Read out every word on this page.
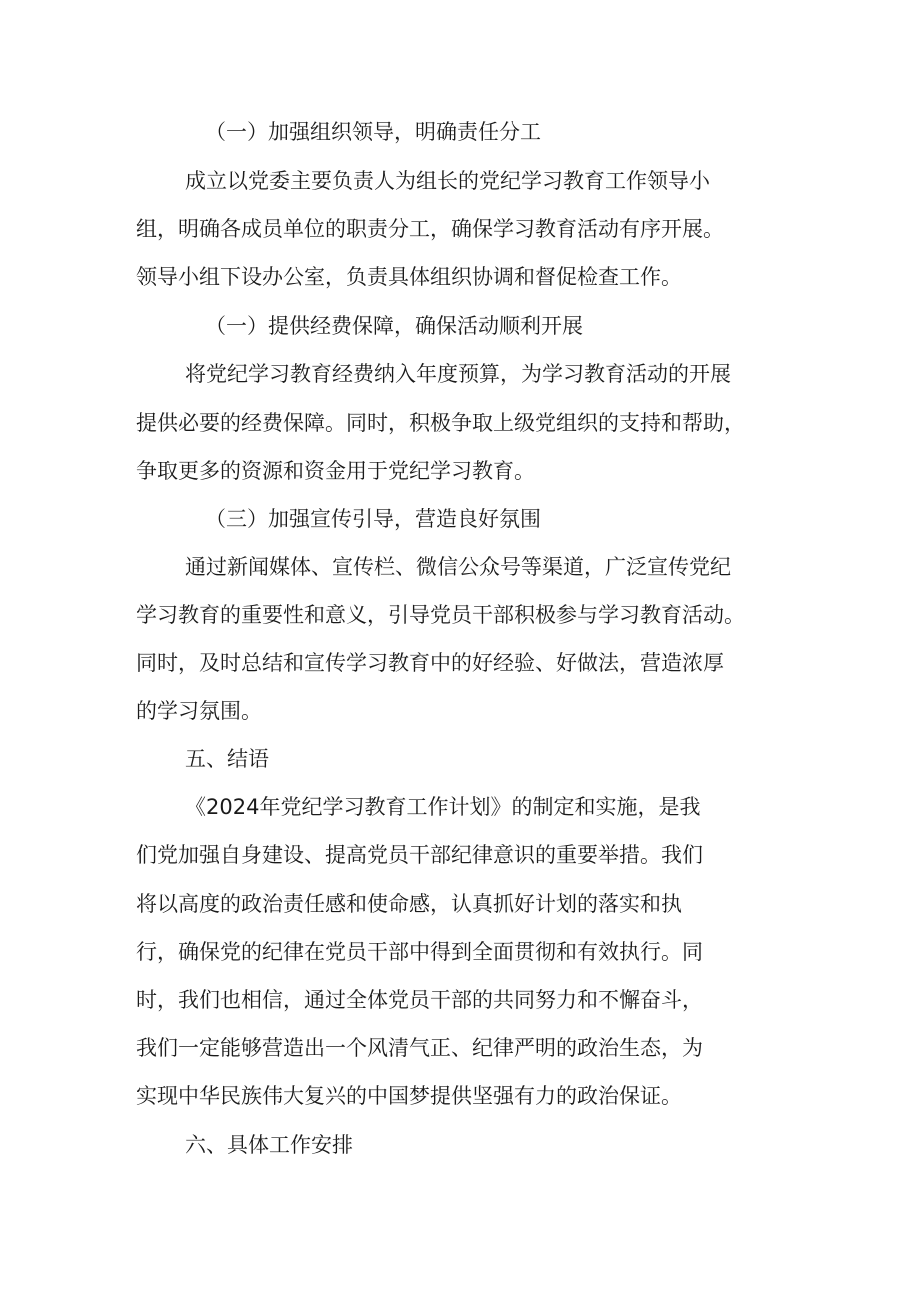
（一）加强组织领导，明确责任分工
成立以党委主要负责人为组长的党纪学习教育工作领导小
组，明确各成员单位的职责分工，确保学习教育活动有序开展。
领导小组下设办公室，负责具体组织协调和督促检查工作。
（一）提供经费保障，确保活动顺利开展
将党纪学习教育经费纳入年度预算，为学习教育活动的开展
提供必要的经费保障。同时，积极争取上级党组织的支持和帮助，
争取更多的资源和资金用于党纪学习教育。
（三）加强宣传引导，营造良好氛围
通过新闻媒体、宣传栏、微信公众号等渠道，广泛宣传党纪
学习教育的重要性和意义，引导党员干部积极参与学习教育活动。
同时，及时总结和宣传学习教育中的好经验、好做法，营造浓厚
的学习氛围。
五、结语
《2024年党纪学习教育工作计划》的制定和实施，是我
们党加强自身建设、提高党员干部纪律意识的重要举措。我们
将以高度的政治责任感和使命感，认真抓好计划的落实和执
行，确保党的纪律在党员干部中得到全面贯彻和有效执行。同
时，我们也相信，通过全体党员干部的共同努力和不懈奋斗，
我们一定能够营造出一个风清气正、纪律严明的政治生态，为
实现中华民族伟大复兴的中国梦提供坚强有力的政治保证。
六、具体工作安排
